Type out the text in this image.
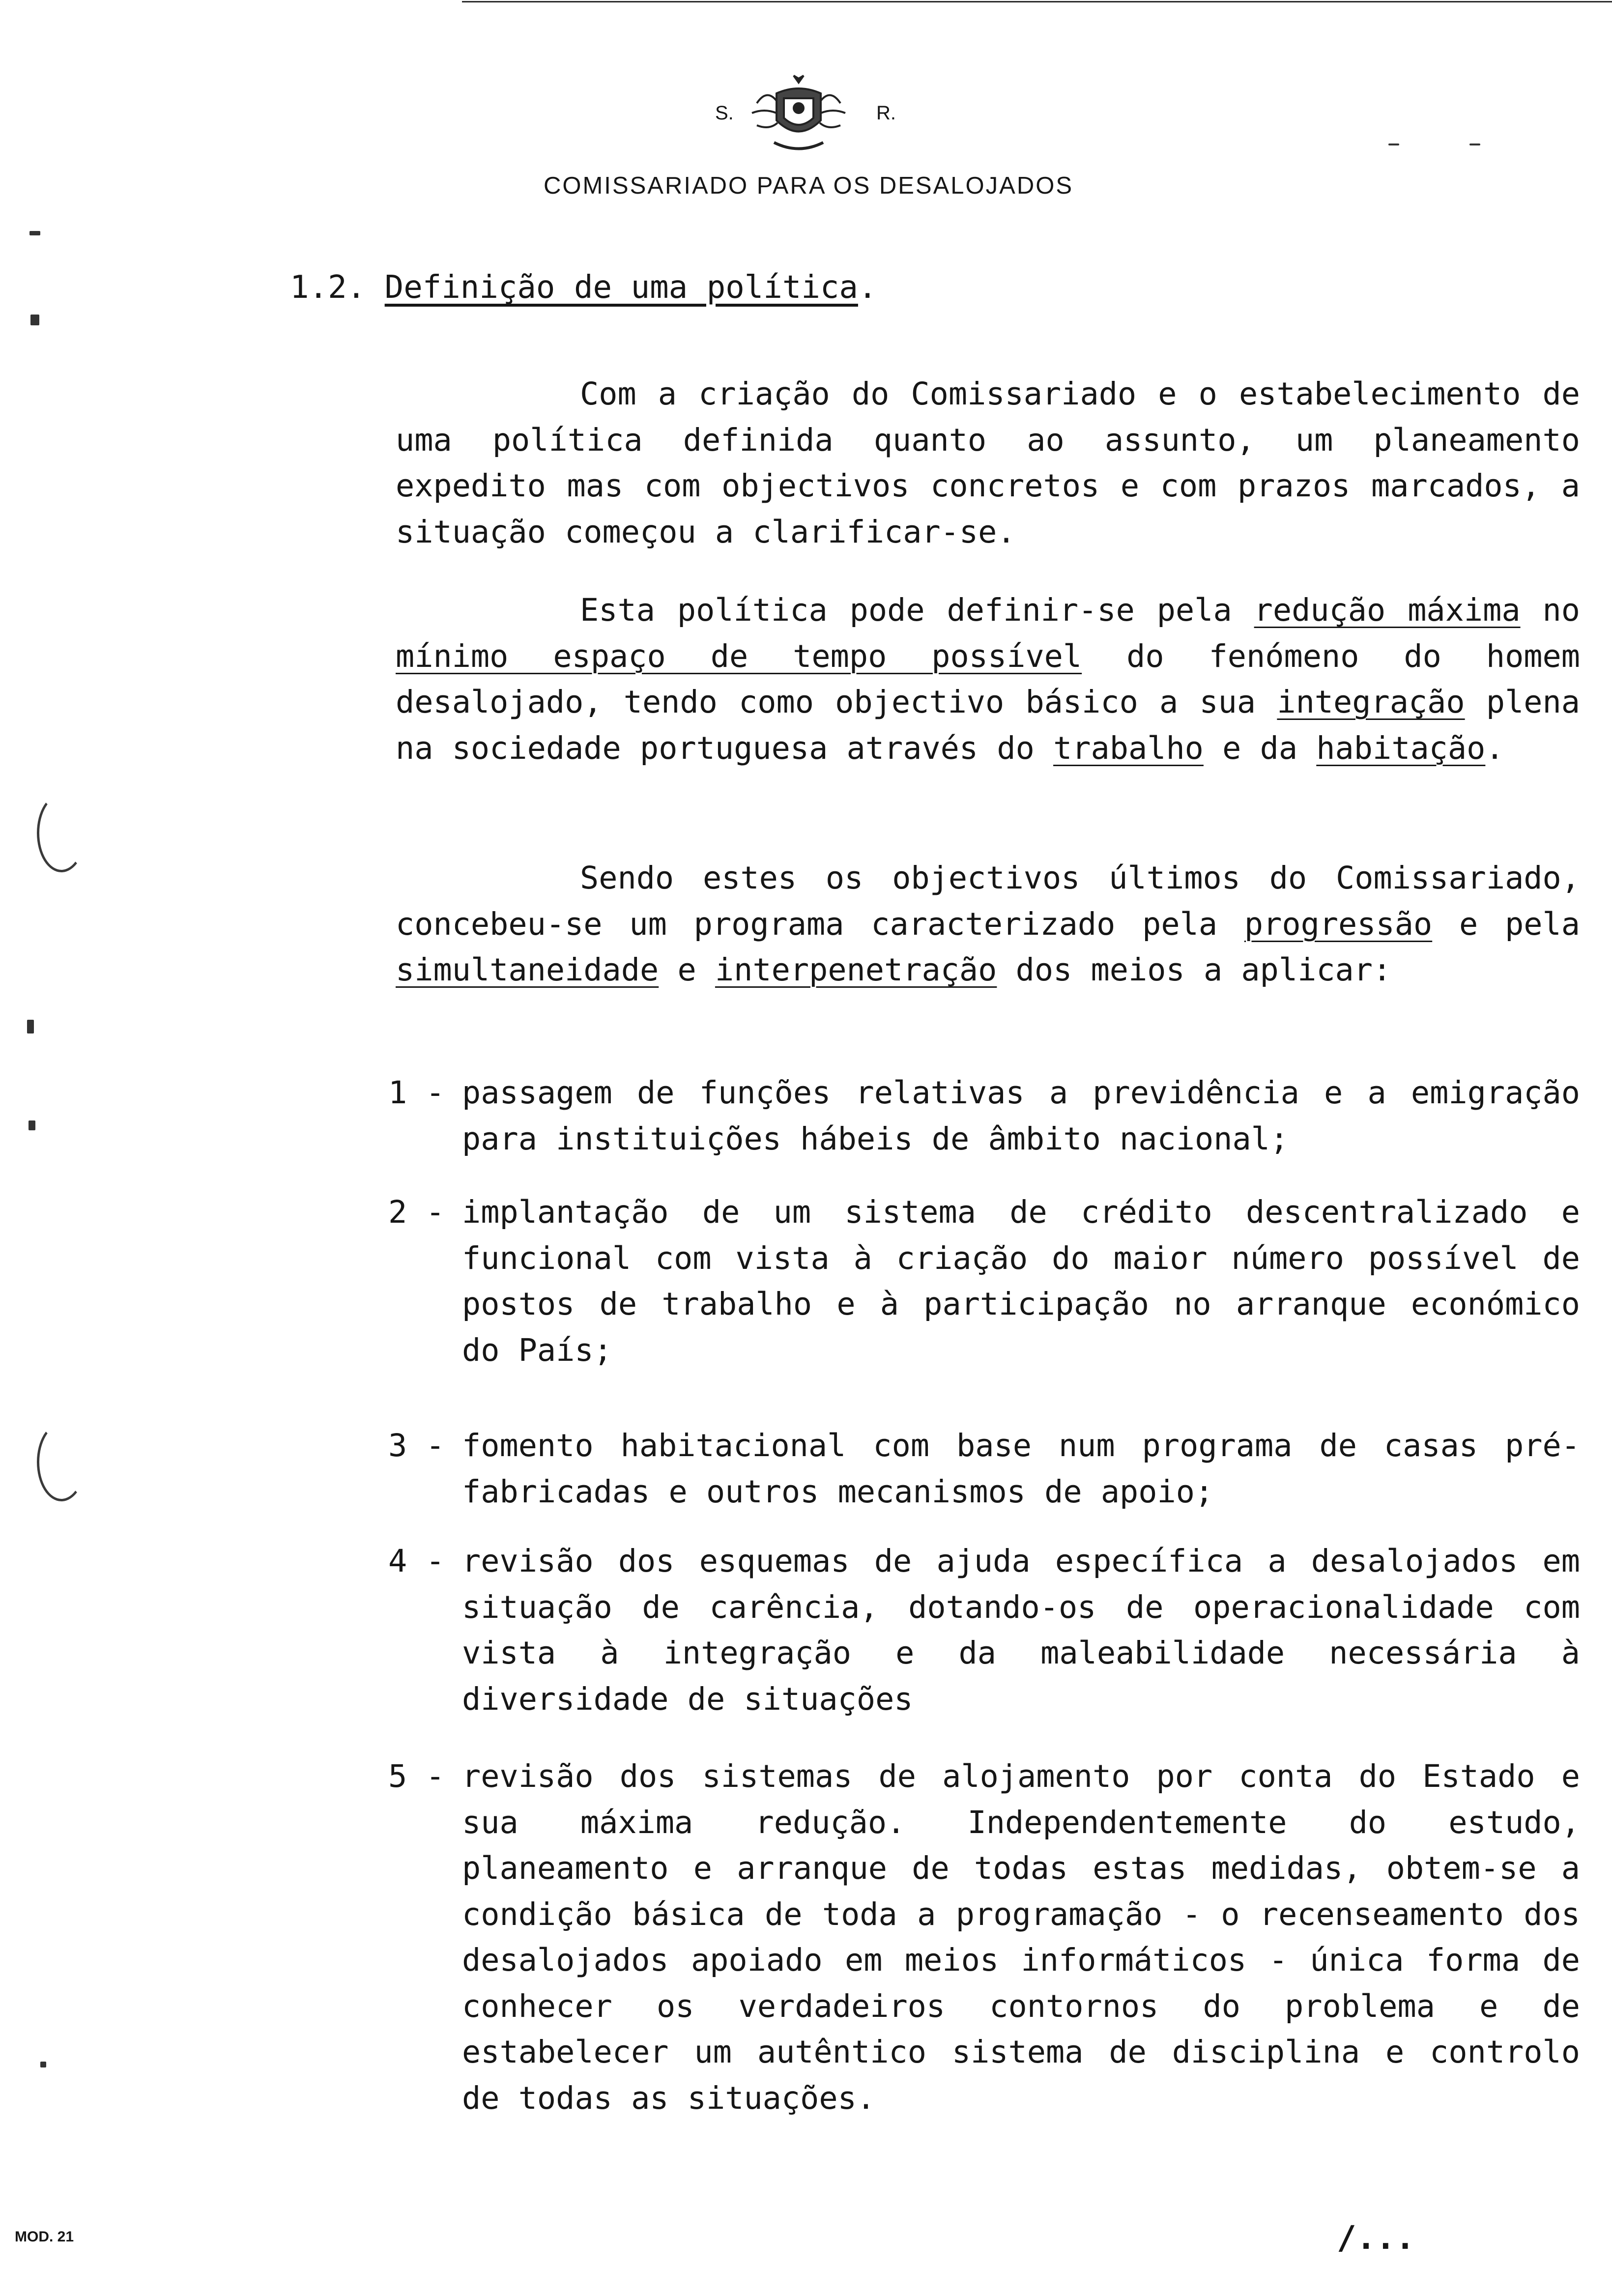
S.	R.
COMISSARIADO PARA OS DESALOJADOS
1.2. Definição de uma política.

Com a criação do Comissariado e o estabelecimento de uma política definida quanto ao assunto, um planeamento expedito mas com objectivos concretos e com prazos marcados, a situação começou a clarificar-se.

Esta política pode definir-se pela redução máxima no mínimo espaço de tempo possível do fenómeno do homem desalojado, tendo como objectivo básico a sua integração plena na sociedade portuguesa através do trabalho e da habitação.

Sendo estes os objectivos últimos do Comissariado, concebeu-se um programa caracterizado pela progressão e pela simultaneidade e interpenetração dos meios a aplicar:

1 - passagem de funções relativas a previdência e a emigração para instituições hábeis de âmbito nacional;
2 - implantação de um sistema de crédito descentralizado e funcional com vista à criação do maior número possível de postos de trabalho e à participação no arranque económico do País;
3 - fomento habitacional com base num programa de casas pré-fabricadas e outros mecanismos de apoio;
4 - revisão dos esquemas de ajuda específica a desalojados em situação de carência, dotando-os de operacionalidade com vista à integração e da maleabilidade necessária à diversidade de situações
5 - revisão dos sistemas de alojamento por conta do Estado e sua máxima redução. Independentemente do estudo, planeamento e arranque de todas estas medidas, obtem-se a condição básica de toda a programação - o recenseamento dos desalojados apoiado em meios informáticos - única forma de conhecer os verdadeiros contornos do problema e de estabelecer um autêntico sistema de disciplina e controlo de todas as situações.
MOD. 21	/...
